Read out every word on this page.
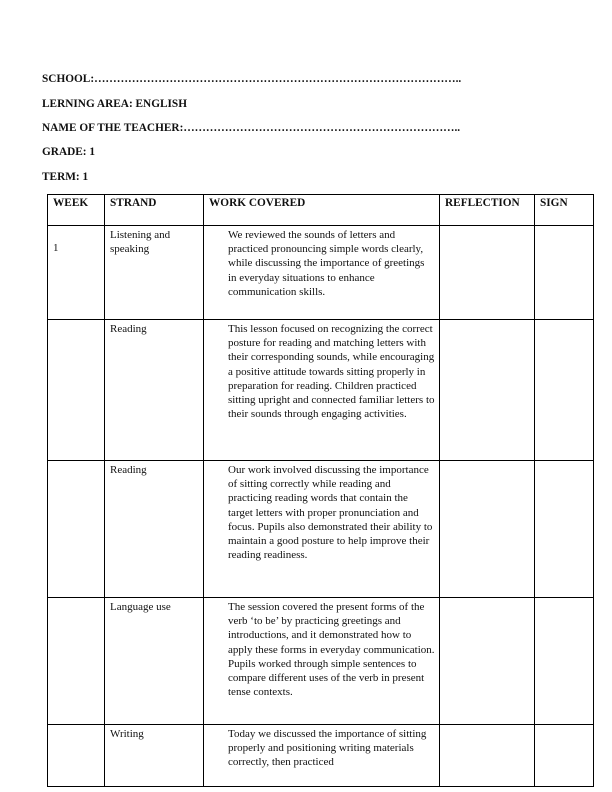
SCHOOL:……………………………………………………………………………………..
LERNING AREA: ENGLISH
NAME OF THE TEACHER:………………………………………………………………..
GRADE: 1
TERM: 1
WEEK	STRAND	WORK COVERED	REFLECTION	SIGN
1	Listening and speaking	We reviewed the sounds of letters and practiced pronouncing simple words clearly, while discussing the importance of greetings in everyday situations to enhance communication skills.		
	Reading	This lesson focused on recognizing the correct posture for reading and matching letters with their corresponding sounds, while encouraging a positive attitude towards sitting properly in preparation for reading. Children practiced sitting upright and connected familiar letters to their sounds through engaging activities.		
	Reading	Our work involved discussing the importance of sitting correctly while reading and practicing reading words that contain the target letters with proper pronunciation and focus. Pupils also demonstrated their ability to maintain a good posture to help improve their reading readiness.		
	Language use	The session covered the present forms of the verb ‘to be’ by practicing greetings and introductions, and it demonstrated how to apply these forms in everyday communication. Pupils worked through simple sentences to compare different uses of the verb in present tense contexts.		
	Writing	Today we discussed the importance of sitting properly and positioning writing materials correctly, then practiced		
